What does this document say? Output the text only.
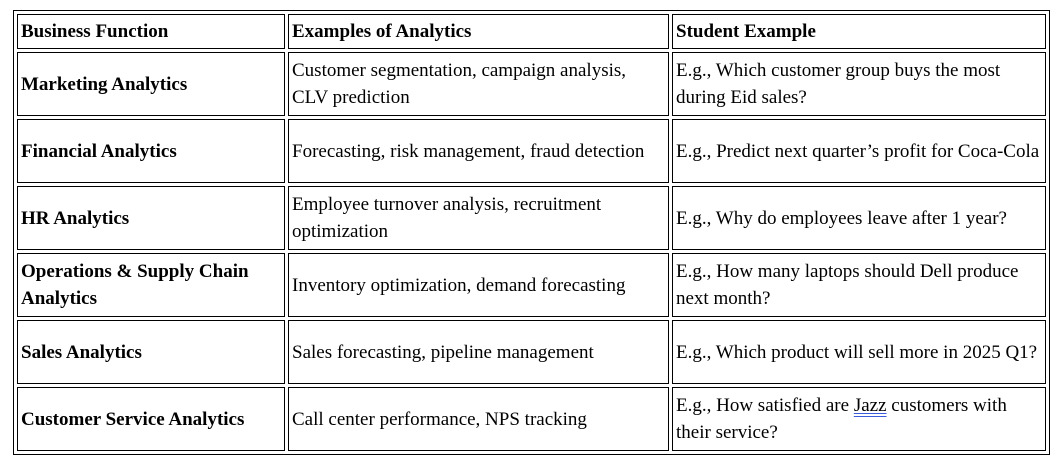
Business Function	Examples of Analytics	Student Example
Marketing Analytics	Customer segmentation, campaign analysis, CLV prediction	E.g., Which customer group buys the most during Eid sales?
Financial Analytics	Forecasting, risk management, fraud detection	E.g., Predict next quarter’s profit for Coca-Cola
HR Analytics	Employee turnover analysis, recruitment optimization	E.g., Why do employees leave after 1 year?
Operations & Supply Chain Analytics	Inventory optimization, demand forecasting	E.g., How many laptops should Dell produce next month?
Sales Analytics	Sales forecasting, pipeline management	E.g., Which product will sell more in 2025 Q1?
Customer Service Analytics	Call center performance, NPS tracking	E.g., How satisfied are Jazz customers with their service?
